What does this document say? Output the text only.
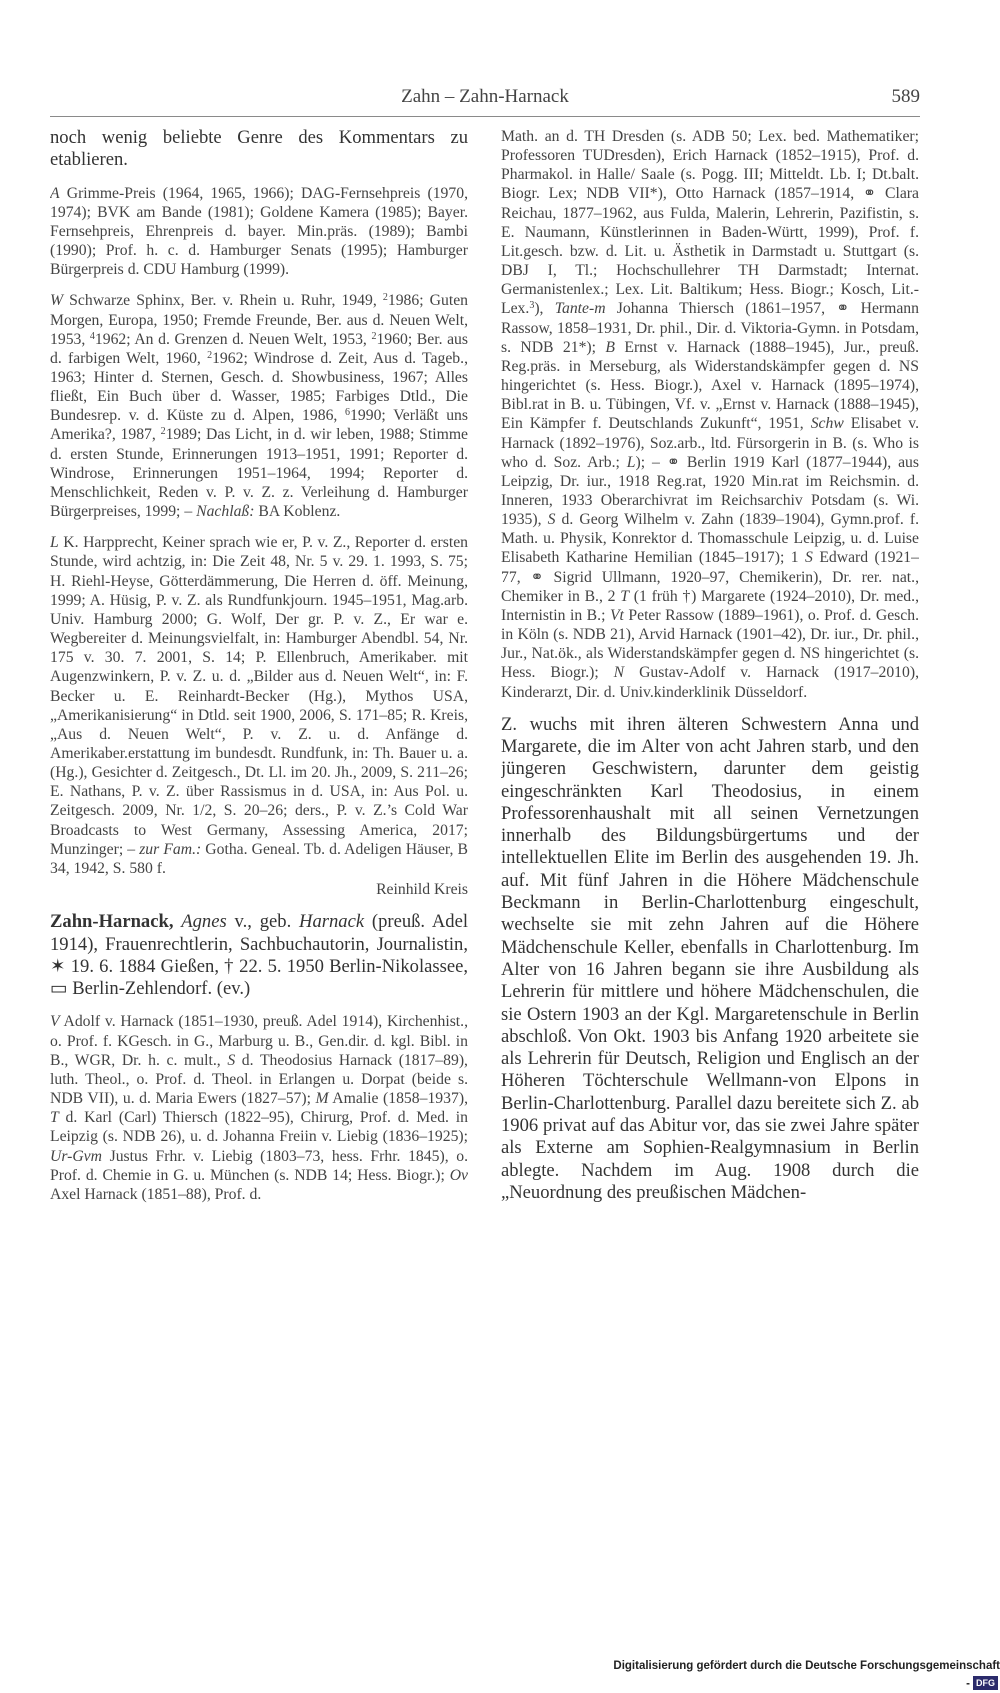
Zahn – Zahn-Harnack	589

noch wenig beliebte Genre des Kommentars zu etablieren.

A Grimme-Preis (1964, 1965, 1966); DAG-Fernsehpreis (1970, 1974); BVK am Bande (1981); Goldene Kamera (1985); Bayer. Fernsehpreis, Ehrenpreis d. bayer. Min.präs. (1989); Bambi (1990); Prof. h. c. d. Hamburger Senats (1995); Hamburger Bürgerpreis d. CDU Hamburg (1999).

W Schwarze Sphinx, Ber. v. Rhein u. Ruhr, 1949, $^2$1986; Guten Morgen, Europa, 1950; Fremde Freunde, Ber. aus d. Neuen Welt, 1953, $^4$1962; An d. Grenzen d. Neuen Welt, 1953, $^2$1960; Ber. aus d. farbigen Welt, 1960, $^2$1962; Windrose d. Zeit, Aus d. Tageb., 1963; Hinter d. Sternen, Gesch. d. Showbusiness, 1967; Alles fließt, Ein Buch über d. Wasser, 1985; Farbiges Dtld., Die Bundesrep. v. d. Küste zu d. Alpen, 1986, $^6$1990; Verläßt uns Amerika?, 1987, $^2$1989; Das Licht, in d. wir leben, 1988; Stimme d. ersten Stunde, Erinnerungen 1913–1951, 1991; Reporter d. Windrose, Erinnerungen 1951–1964, 1994; Reporter d. Menschlichkeit, Reden v. P. v. Z. z. Verleihung d. Hamburger Bürgerpreises, 1999; – Nachlaß: BA Koblenz.

L K. Harpprecht, Keiner sprach wie er, P. v. Z., Reporter d. ersten Stunde, wird achtzig, in: Die Zeit 48, Nr. 5 v. 29. 1. 1993, S. 75; H. Riehl-Heyse, Götterdämmerung, Die Herren d. öff. Meinung, 1999; A. Hüsig, P. v. Z. als Rundfunkjourn. 1945–1951, Mag.arb. Univ. Hamburg 2000; G. Wolf, Der gr. P. v. Z., Er war e. Wegbereiter d. Meinungsvielfalt, in: Hamburger Abendbl. 54, Nr. 175 v. 30. 7. 2001, S. 14; P. Ellenbruch, Amerikaber. mit Augenzwinkern, P. v. Z. u. d. „Bilder aus d. Neuen Welt“, in: F. Becker u. E. Reinhardt-Becker (Hg.), Mythos USA, „Amerikanisierung“ in Dtld. seit 1900, 2006, S. 171–85; R. Kreis, „Aus d. Neuen Welt“, P. v. Z. u. d. Anfänge d. Amerikaber.erstattung im bundesdt. Rundfunk, in: Th. Bauer u. a. (Hg.), Gesichter d. Zeitgesch., Dt. Ll. im 20. Jh., 2009, S. 211–26; E. Nathans, P. v. Z. über Rassismus in d. USA, in: Aus Pol. u. Zeitgesch. 2009, Nr. 1/2, S. 20–26; ders., P. v. Z.’s Cold War Broadcasts to West Germany, Assessing America, 2017; Munzinger; – zur Fam.: Gotha. Geneal. Tb. d. Adeligen Häuser, B 34, 1942, S. 580 f.

Reinhild Kreis

Zahn-Harnack, Agnes v., geb. Harnack (preuß. Adel 1914), Frauenrechtlerin, Sachbuchautorin, Journalistin, ✶ 19. 6. 1884 Gießen, † 22. 5. 1950 Berlin-Nikolassee, ▭ Berlin-Zehlendorf. (ev.)

V Adolf v. Harnack (1851–1930, preuß. Adel 1914), Kirchenhist., o. Prof. f. KGesch. in G., Marburg u. B., Gen.dir. d. kgl. Bibl. in B., WGR, Dr. h. c. mult., S d. Theodosius Harnack (1817–89), luth. Theol., o. Prof. d. Theol. in Erlangen u. Dorpat (beide s. NDB VII), u. d. Maria Ewers (1827–57); M Amalie (1858–1937), T d. Karl (Carl) Thiersch (1822–95), Chirurg, Prof. d. Med. in Leipzig (s. NDB 26), u. d. Johanna Freiin v. Liebig (1836–1925); Ur-Gvm Justus Frhr. v. Liebig (1803–73, hess. Frhr. 1845), o. Prof. d. Chemie in G. u. München (s. NDB 14; Hess. Biogr.); Ov Axel Harnack (1851–88), Prof. d.

Math. an d. TH Dresden (s. ADB 50; Lex. bed. Mathematiker; Professoren TUDresden), Erich Harnack (1852–1915), Prof. d. Pharmakol. in Halle/ Saale (s. Pogg. III; Mitteldt. Lb. I; Dt.balt. Biogr. Lex; NDB VII*), Otto Harnack (1857–1914, ⚭ Clara Reichau, 1877–1962, aus Fulda, Malerin, Lehrerin, Pazifistin, s. E. Naumann, Künstlerinnen in Baden-Württ, 1999), Prof. f. Lit.gesch. bzw. d. Lit. u. Ästhetik in Darmstadt u. Stuttgart (s. DBJ I, Tl.; Hochschullehrer TH Darmstadt; Internat. Germanistenlex.; Lex. Lit. Baltikum; Hess. Biogr.; Kosch, Lit.-Lex.$^3$), Tante-m Johanna Thiersch (1861–1957, ⚭ Hermann Rassow, 1858–1931, Dr. phil., Dir. d. Viktoria-Gymn. in Potsdam, s. NDB 21*); B Ernst v. Harnack (1888–1945), Jur., preuß. Reg.präs. in Merseburg, als Widerstandskämpfer gegen d. NS hingerichtet (s. Hess. Biogr.), Axel v. Harnack (1895–1974), Bibl.rat in B. u. Tübingen, Vf. v. „Ernst v. Harnack (1888–1945), Ein Kämpfer f. Deutschlands Zukunft“, 1951, Schw Elisabet v. Harnack (1892–1976), Soz.arb., ltd. Fürsorgerin in B. (s. Who is who d. Soz. Arb.; L); – ⚭ Berlin 1919 Karl (1877–1944), aus Leipzig, Dr. iur., 1918 Reg.rat, 1920 Min.rat im Reichsmin. d. Inneren, 1933 Oberarchivrat im Reichsarchiv Potsdam (s. Wi. 1935), S d. Georg Wilhelm v. Zahn (1839–1904), Gymn.prof. f. Math. u. Physik, Konrektor d. Thomasschule Leipzig, u. d. Luise Elisabeth Katharine Hemilian (1845–1917); 1 S Edward (1921–77, ⚭ Sigrid Ullmann, 1920–97, Chemikerin), Dr. rer. nat., Chemiker in B., 2 T (1 früh †) Margarete (1924–2010), Dr. med., Internistin in B.; Vt Peter Rassow (1889–1961), o. Prof. d. Gesch. in Köln (s. NDB 21), Arvid Harnack (1901–42), Dr. iur., Dr. phil., Jur., Nat.ök., als Widerstandskämpfer gegen d. NS hingerichtet (s. Hess. Biogr.); N Gustav-Adolf v. Harnack (1917–2010), Kinderarzt, Dir. d. Univ.kinderklinik Düsseldorf.

Z. wuchs mit ihren älteren Schwestern Anna und Margarete, die im Alter von acht Jahren starb, und den jüngeren Geschwistern, darunter dem geistig eingeschränkten Karl Theodosius, in einem Professorenhaushalt mit all seinen Vernetzungen innerhalb des Bildungsbürgertums und der intellektuellen Elite im Berlin des ausgehenden 19. Jh. auf. Mit fünf Jahren in die Höhere Mädchenschule Beckmann in Berlin-Charlottenburg eingeschult, wechselte sie mit zehn Jahren auf die Höhere Mädchenschule Keller, ebenfalls in Charlottenburg. Im Alter von 16 Jahren begann sie ihre Ausbildung als Lehrerin für mittlere und höhere Mädchenschulen, die sie Ostern 1903 an der Kgl. Margaretenschule in Berlin abschloß. Von Okt. 1903 bis Anfang 1920 arbeitete sie als Lehrerin für Deutsch, Religion und Englisch an der Höheren Töchterschule Wellmann-von Elpons in Berlin-Charlottenburg. Parallel dazu bereitete sich Z. ab 1906 privat auf das Abitur vor, das sie zwei Jahre später als Externe am Sophien-Realgymnasium in Berlin ablegte. Nachdem im Aug. 1908 durch die „Neuordnung des preußischen Mädchen-

Digitalisierung gefördert durch die Deutsche Forschungsgemeinschaft - DFG
